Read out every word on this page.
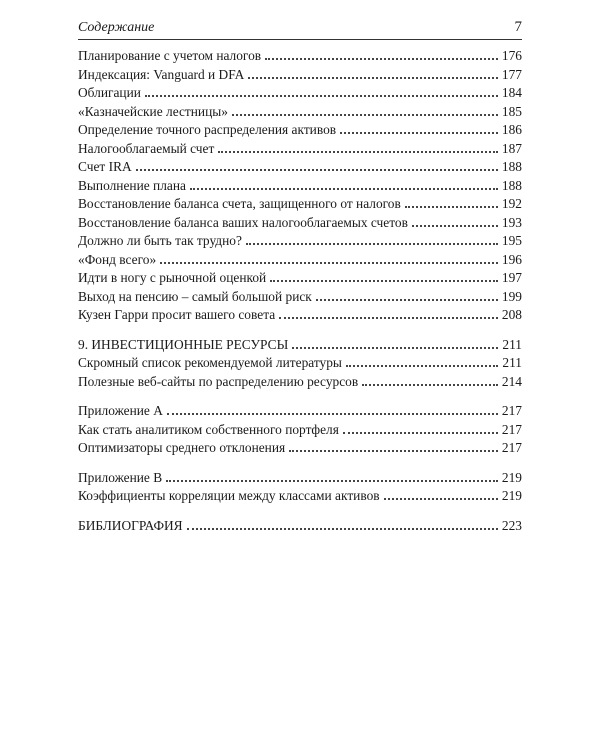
Содержание	7
Планирование с учетом налогов	176
Индексация: Vanguard и DFA	177
Облигации	184
«Казначейские лестницы»	185
Определение точного распределения активов	186
Налогооблагаемый счет	187
Счет IRA	188
Выполнение плана	188
Восстановление баланса счета, защищенного от налогов	192
Восстановление баланса ваших налогооблагаемых счетов	193
Должно ли быть так трудно?	195
«Фонд всего»	196
Идти в ногу с рыночной оценкой	197
Выход на пенсию – самый большой риск	199
Кузен Гарри просит вашего совета	208
9. ИНВЕСТИЦИОННЫЕ РЕСУРСЫ	211
Скромный список рекомендуемой литературы	211
Полезные веб-сайты по распределению ресурсов	214
Приложение А	217
Как стать аналитиком собственного портфеля	217
Оптимизаторы среднего отклонения	217
Приложение В	219
Коэффициенты корреляции между классами активов	219
БИБЛИОГРАФИЯ	223
